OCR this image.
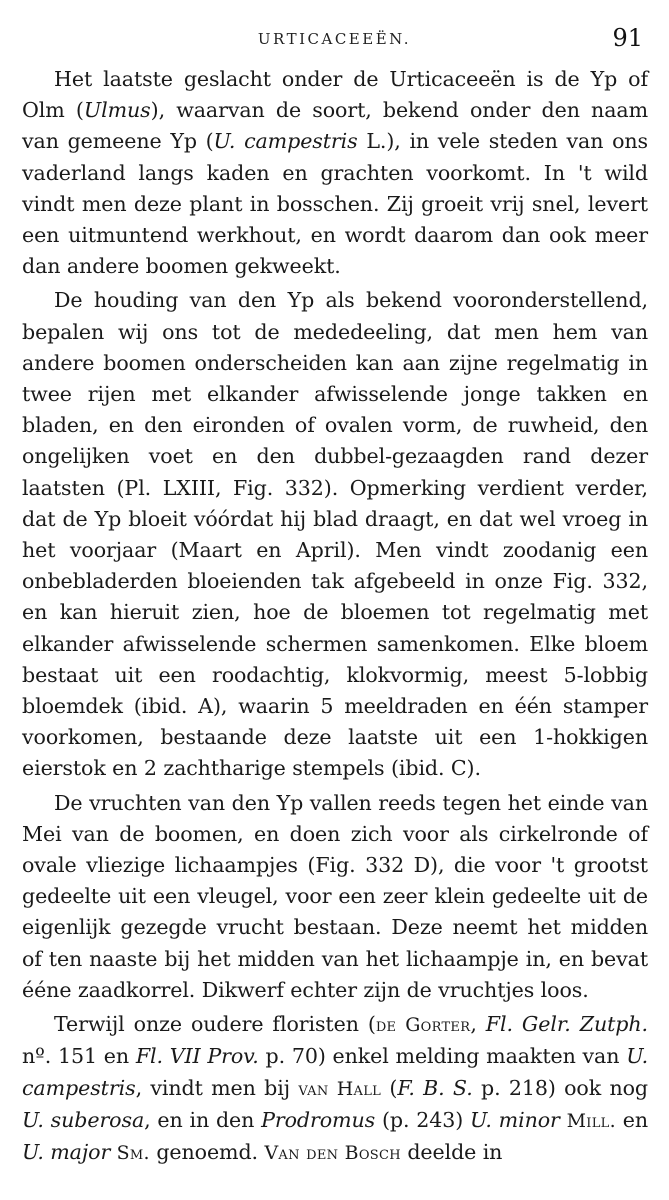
URTICACEEËN.	91

Het laatste geslacht onder de Urticaceeën is de Yp of Olm (Ulmus), waarvan de soort, bekend onder den naam van gemeene Yp (U. campestris L.), in vele steden van ons vaderland langs kaden en grachten voorkomt. In 't wild vindt men deze plant in bosschen. Zij groeit vrij snel, levert een uitmuntend werkhout, en wordt daarom dan ook meer dan andere boomen gekweekt.

De houding van den Yp als bekend vooronderstellend, bepalen wij ons tot de mededeeling, dat men hem van andere boomen onderscheiden kan aan zijne regelmatig in twee rijen met elkander afwisselende jonge takken en bladen, en den eironden of ovalen vorm, de ruwheid, den ongelijken voet en den dubbel-gezaagden rand dezer laatsten (Pl. LXIII, Fig. 332). Opmerking verdient verder, dat de Yp bloeit vóórdat hij blad draagt, en dat wel vroeg in het voorjaar (Maart en April). Men vindt zoodanig een onbebladerden bloeienden tak afgebeeld in onze Fig. 332, en kan hieruit zien, hoe de bloemen tot regelmatig met elkander afwisselende schermen samenkomen. Elke bloem bestaat uit een roodachtig, klokvormig, meest 5-lobbig bloemdek (ibid. A), waarin 5 meeldraden en één stamper voorkomen, bestaande deze laatste uit een 1-hokkigen eierstok en 2 zachtharige stempels (ibid. C).

De vruchten van den Yp vallen reeds tegen het einde van Mei van de boomen, en doen zich voor als cirkelronde of ovale vliezige lichaampjes (Fig. 332 D), die voor 't grootst gedeelte uit een vleugel, voor een zeer klein gedeelte uit de eigenlijk gezegde vrucht bestaan. Deze neemt het midden of ten naaste bij het midden van het lichaampje in, en bevat ééne zaadkorrel. Dikwerf echter zijn de vruchtjes loos.

Terwijl onze oudere floristen (de Gorter, Fl. Gelr. Zutph. nº. 151 en Fl. VII Prov. p. 70) enkel melding maakten van U. campestris, vindt men bij van Hall (F. B. S. p. 218) ook nog U. suberosa, en in den Prodromus (p. 243) U. minor Mill. en U. major Sm. genoemd. Van den Bosch deelde in
